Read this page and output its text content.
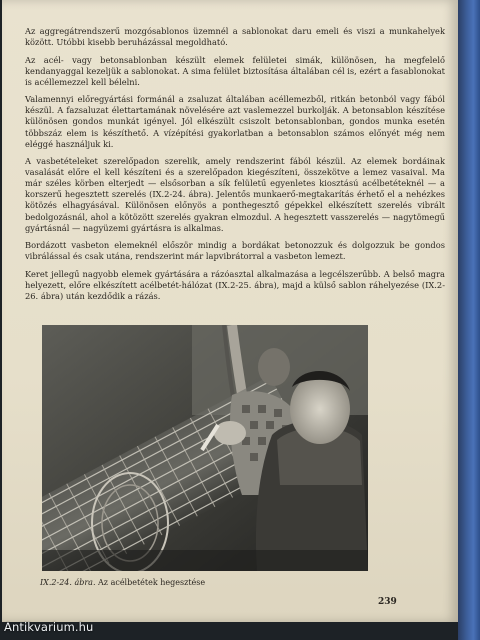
Az aggregátrendszerű mozgósablonos üzemnél a sablonokat daru emeli és viszi a munkahelyek között. Utóbbi kisebb beruházással megoldható.

Az acél- vagy betonsablonban készült elemek felületei simák, különösen, ha megfelelő kendanyaggal kezeljük a sablonokat. A sima felület biztosítása általában cél is, ezért a fasablonokat is acéllemezzel kell bélelni.

Valamennyi előregyártási formánál a zsaluzat általában acéllemezből, ritkán betonból vagy fából készül. A fazsaluzat élettartamának növelésére azt vaslemezzel burkolják. A betonsablon készítése különösen gondos munkát igényel. Jól elkészült csiszolt betonsablonban, gondos munka esetén többszáz elem is készíthető. A vízépítési gyakorlatban a betonsablon számos előnyét még nem eléggé használjuk ki.

A vasbetételeket szerelőpadon szerelik, amely rendszerint fából készül. Az elemek bordáinak vasalását előre el kell készíteni és a szerelőpadon kiegészíteni, összekötve a lemez vasaival. Ma már széles körben elterjedt — elsősorban a sík felületű egyenletes kiosztású acélbetéteknél — a korszerű hegesztett szerelés (IX.2-24. ábra). Jelentős munkaerő-megtakarítás érhető el a nehézkes kötözés elhagyásával. Különösen előnyös a ponthegesztő gépekkel elkészített szerelés vibrált bedolgozásnál, ahol a kötözött szerelés gyakran elmozdul. A hegesztett vasszerelés — nagytömegű gyártásnál — nagyüzemi gyártásra is alkalmas.

Bordázott vasbeton elemeknél először mindig a bordákat betonozzuk és dolgozzuk be gondos vibrálással és csak utána, rendszerint már lapvibrátorral a vasbeton lemezt.

Keret jellegű nagyobb elemek gyártására a rázóasztal alkalmazása a legcélszerűbb. A belső magra helyezett, előre elkészített acélbetét-hálózat (IX.2-25. ábra), majd a külső sablon ráhelyezése (IX.2-26. ábra) után kezdődik a rázás.

IX.2-24. ábra. Az acélbetétek hegesztése
239
Antikvarium.hu
